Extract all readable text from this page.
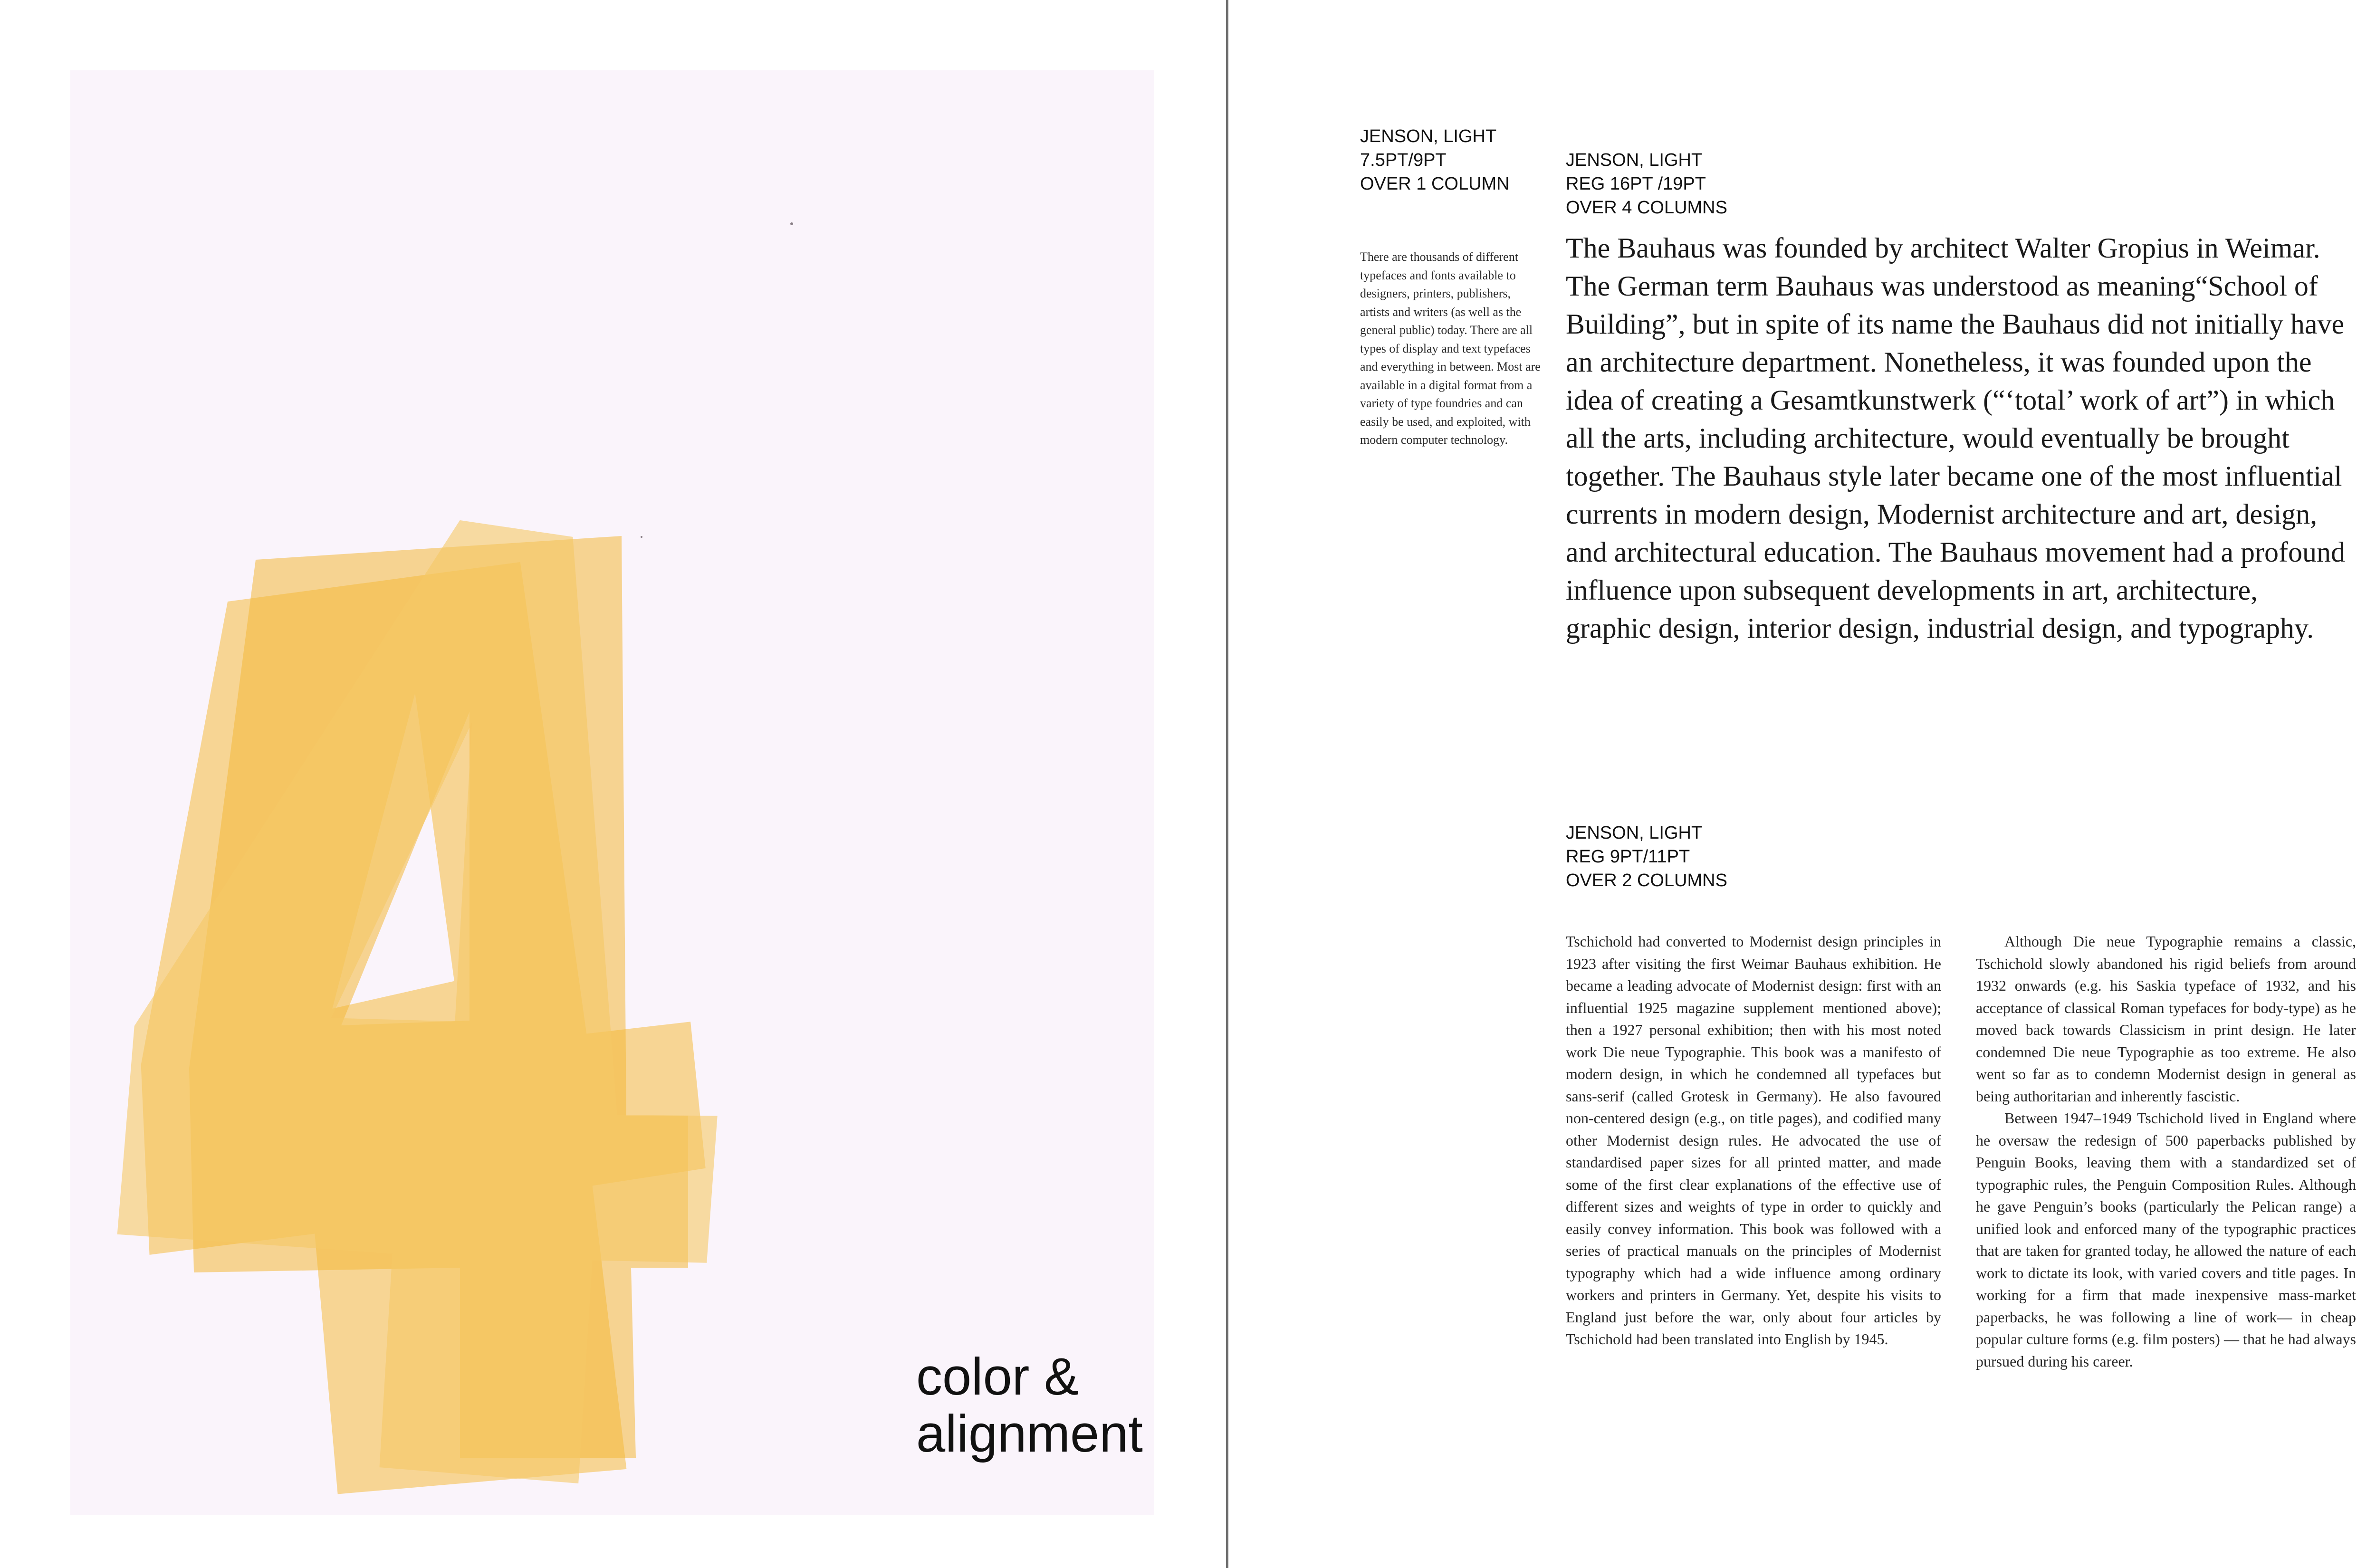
color &
alignment

JENSON, LIGHT
7.5PT/9PT
OVER 1 COLUMN
JENSON, LIGHT
REG 16PT /19PT
OVER 4 COLUMNS

There are thousands of different typefaces and fonts available to designers, printers, publishers, artists and writers (as well as the general public) today. There are all types of display and text typefaces and everything in between. Most are available in a digital format from a variety of type foundries and can easily be used, and exploited, with modern computer technology.

The Bauhaus was founded by architect Walter Gropius in Weimar. The German term Bauhaus was understood as meaning“School of Building”, but in spite of its name the Bauhaus did not initially have an architecture department. Nonetheless, it was founded upon the idea of creating a Gesamtkunstwerk (“‘total’ work of art”) in which all the arts, including architecture, would eventually be brought together. The Bauhaus style later became one of the most influential currents in modern design, Modernist architecture and art, design, and architectural education. The Bauhaus movement had a profound influence upon subsequent developments in art, architecture, graphic design, interior design, industrial design, and typography.

JENSON, LIGHT
REG 9PT/11PT
OVER 2 COLUMNS

Tschichold had converted to Modernist design principles in 1923 after visiting the first Weimar Bauhaus exhibition. He became a leading advocate of Modernist design: first with an influential 1925 magazine supplement mentioned above); then a 1927 personal exhibition; then with his most noted work Die neue Typographie. This book was a manifesto of modern design, in which he condemned all typefaces but sans-serif (called Grotesk in Germany). He also favoured non-centered design (e.g., on title pages), and codified many other Modernist design rules. He advocated the use of standardised paper sizes for all printed matter, and made some of the first clear explanations of the effective use of different sizes and weights of type in order to quickly and easily convey information. This book was followed with a series of practical manuals on the principles of Modernist typography which had a wide influence among ordinary workers and printers in Germany. Yet, despite his visits to England just before the war, only about four articles by Tschichold had been translated into English by 1945.

Although Die neue Typographie remains a classic, Tschichold slowly abandoned his rigid beliefs from around 1932 onwards (e.g. his Saskia typeface of 1932, and his acceptance of classical Roman typefaces for body-type) as he moved back towards Classicism in print design. He later condemned Die neue Typographie as too extreme. He also went so far as to condemn Modernist design in general as being authoritarian and inherently fascistic.

Between 1947–1949 Tschichold lived in England where he oversaw the redesign of 500 paperbacks published by Penguin Books, leaving them with a standardized set of typographic rules, the Penguin Composition Rules. Although he gave Penguin’s books (particularly the Pelican range) a unified look and enforced many of the typographic practices that are taken for granted today, he allowed the nature of each work to dictate its look, with varied covers and title pages. In working for a firm that made inexpensive mass-market paperbacks, he was following a line of work— in cheap popular culture forms (e.g. film posters) — that he had always pursued during his career.
